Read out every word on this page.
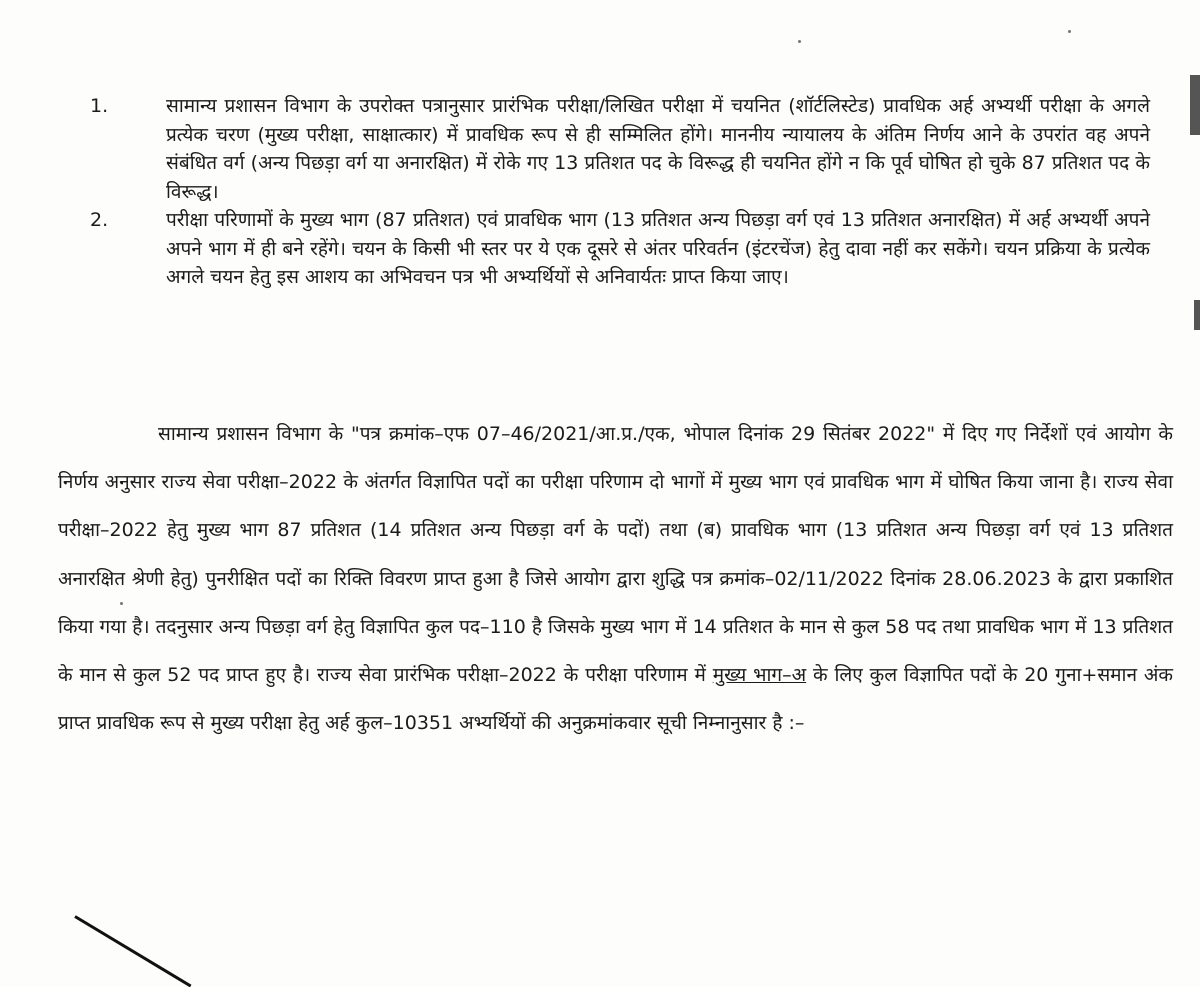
1.	सामान्य प्रशासन विभाग के उपरोक्त पत्रानुसार प्रारंभिक परीक्षा/लिखित परीक्षा में चयनित (शॉर्टलिस्टेड) प्रावधिक अर्ह अभ्यर्थी परीक्षा के अगले प्रत्येक चरण (मुख्य परीक्षा, साक्षात्कार) में प्रावधिक रूप से ही सम्मिलित होंगे। माननीय न्यायालय के अंतिम निर्णय आने के उपरांत वह अपने संबंधित वर्ग (अन्य पिछड़ा वर्ग या अनारक्षित) में रोके गए 13 प्रतिशत पद के विरूद्ध ही चयनित होंगे न कि पूर्व घोषित हो चुके 87 प्रतिशत पद के विरूद्ध।
2.	परीक्षा परिणामों के मुख्य भाग (87 प्रतिशत) एवं प्रावधिक भाग (13 प्रतिशत अन्य पिछड़ा वर्ग एवं 13 प्रतिशत अनारक्षित) में अर्ह अभ्यर्थी अपने अपने भाग में ही बने रहेंगे। चयन के किसी भी स्तर पर ये एक दूसरे से अंतर परिवर्तन (इंटरचेंज) हेतु दावा नहीं कर सकेंगे। चयन प्रक्रिया के प्रत्येक अगले चयन हेतु इस आशय का अभिवचन पत्र भी अभ्यर्थियों से अनिवार्यतः प्राप्त किया जाए।
सामान्य प्रशासन विभाग के "पत्र क्रमांक–एफ 07–46/2021/आ.प्र./एक, भोपाल दिनांक 29 सितंबर 2022" में दिए गए निर्देशों एवं आयोग के निर्णय अनुसार राज्य सेवा परीक्षा–2022 के अंतर्गत विज्ञापित पदों का परीक्षा परिणाम दो भागों में मुख्य भाग एवं प्रावधिक भाग में घोषित किया जाना है। राज्य सेवा परीक्षा–2022 हेतु मुख्य भाग 87 प्रतिशत (14 प्रतिशत अन्य पिछड़ा वर्ग के पदों) तथा (ब) प्रावधिक भाग (13 प्रतिशत अन्य पिछड़ा वर्ग एवं 13 प्रतिशत अनारक्षित श्रेणी हेतु) पुनरीक्षित पदों का रिक्ति विवरण प्राप्त हुआ है जिसे आयोग द्वारा शुद्धि पत्र क्रमांक–02/11/2022 दिनांक 28.06.2023 के द्वारा प्रकाशित किया गया है। तदनुसार अन्य पिछड़ा वर्ग हेतु विज्ञापित कुल पद–110 है जिसके मुख्य भाग में 14 प्रतिशत के मान से कुल 58 पद तथा प्रावधिक भाग में 13 प्रतिशत के मान से कुल 52 पद प्राप्त हुए है। राज्य सेवा प्रारंभिक परीक्षा–2022 के परीक्षा परिणाम में मुख्य भाग–अ के लिए कुल विज्ञापित पदों के 20 गुना+समान अंक प्राप्त प्रावधिक रूप से मुख्य परीक्षा हेतु अर्ह कुल–10351 अभ्यर्थियों की अनुक्रमांकवार सूची निम्नानुसार है :–
